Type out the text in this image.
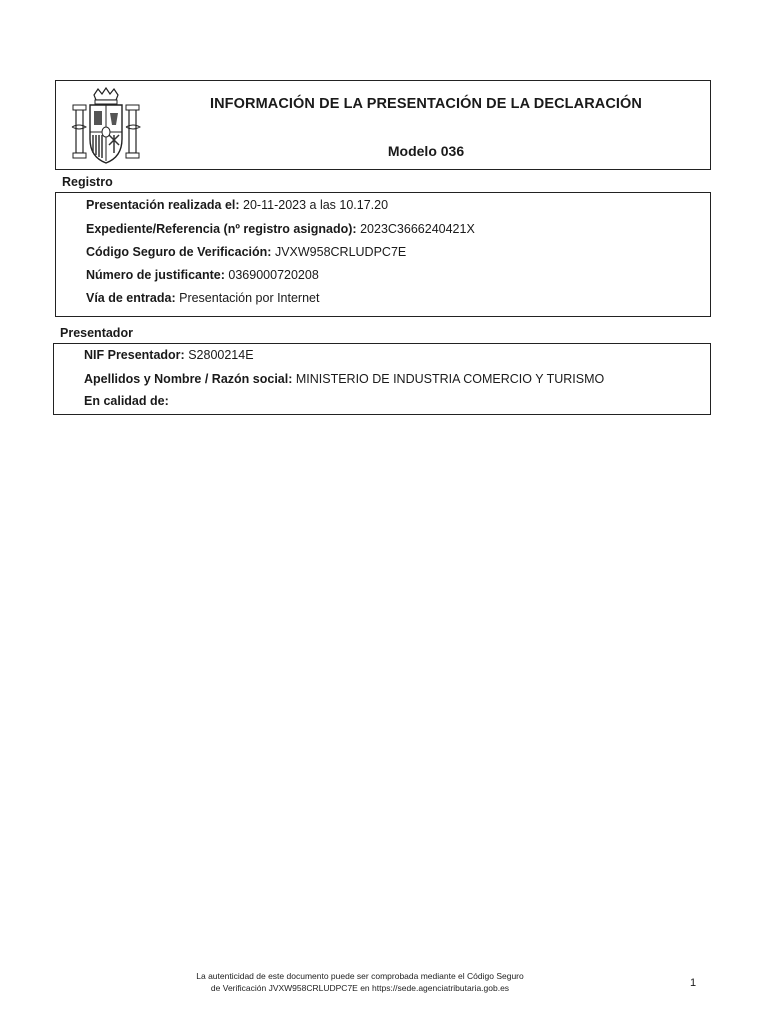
INFORMACIÓN DE LA PRESENTACIÓN DE LA DECLARACIÓN
Modelo 036
Registro
Presentación realizada el: 20-11-2023 a las 10.17.20
Expediente/Referencia (nº registro asignado): 2023C3666240421X
Código Seguro de Verificación: JVXW958CRLUDPC7E
Número de justificante: 0369000720208
Vía de entrada: Presentación por Internet
Presentador
NIF Presentador: S2800214E
Apellidos y Nombre / Razón social: MINISTERIO DE INDUSTRIA COMERCIO Y TURISMO
En calidad de:
La autenticidad de este documento puede ser comprobada mediante el Código Seguro
de Verificación JVXW958CRLUDPC7E en https://sede.agenciatributaria.gob.es	1
